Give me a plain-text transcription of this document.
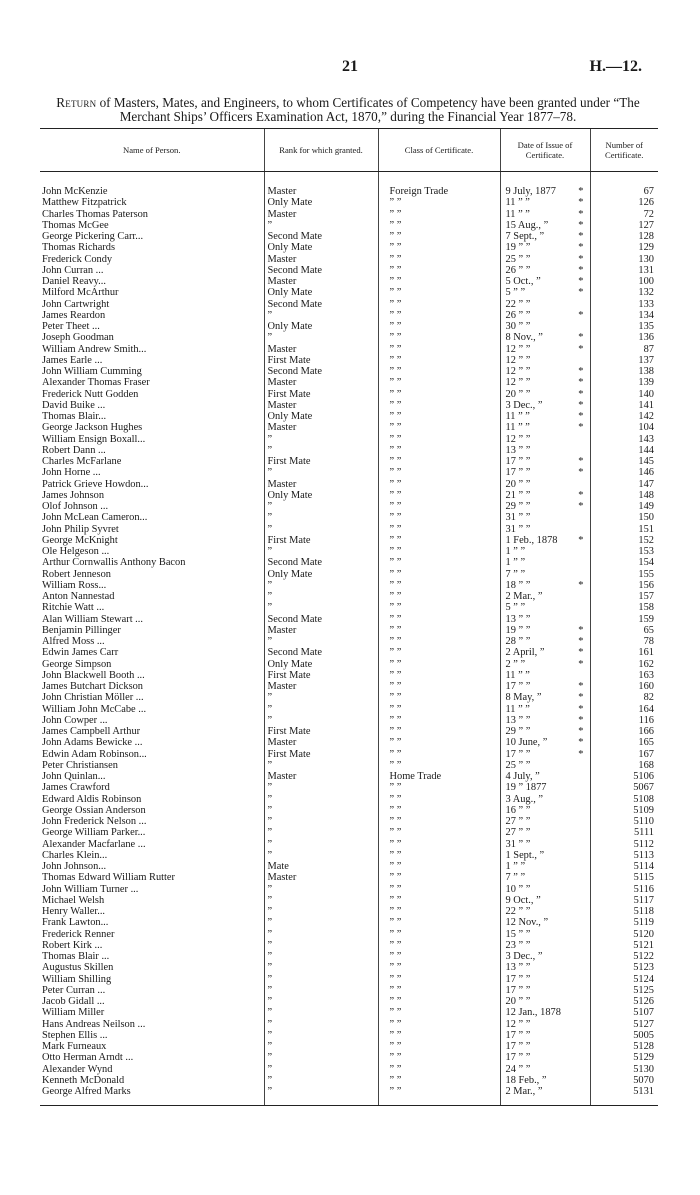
21	H.—12.
Return of Masters, Mates, and Engineers, to whom Certificates of Competency have been granted under “The Merchant Ships’ Officers Examination Act, 1870,” during the Financial Year 1877–78.
Name of Person.	Rank for which granted.	Class of Certificate.	Date of Issue of Certificate.	Number of Certificate.

John McKenzie	Master	Foreign Trade	9 July, 1877 *	67
Matthew Fitzpatrick	Only Mate	” ”	11 ” ” *	126
Charles Thomas Paterson	Master	” ”	11 ” ” *	72
Thomas McGee	”	” ”	15 Aug., ” *	127
George Pickering Carr...	Second Mate	” ”	7 Sept., ” *	128
Thomas Richards	Only Mate	” ”	19 ” ” *	129
Frederick Condy	Master	” ”	25 ” ” *	130
John Curran ...	Second Mate	” ”	26 ” ” *	131
Daniel Reavy...	Master	” ”	5 Oct., ” *	100
Milford McArthur	Only Mate	” ”	5 ” ” *	132
John Cartwright	Second Mate	” ”	22 ” ”	133
James Reardon	”	” ”	26 ” ” *	134
Peter Theet ...	Only Mate	” ”	30 ” ”	135
Joseph Goodman	”	” ”	8 Nov., ” *	136
William Andrew Smith...	Master	” ”	12 ” ” *	87
James Earle ...	First Mate	” ”	12 ” ”	137
John William Cumming	Second Mate	” ”	12 ” ” *	138
Alexander Thomas Fraser	Master	” ”	12 ” ” *	139
Frederick Nutt Godden	First Mate	” ”	20 ” ” *	140
David Buike ...	Master	” ”	3 Dec., ” *	141
Thomas Blair...	Only Mate	” ”	11 ” ” *	142
George Jackson Hughes	Master	” ”	11 ” ” *	104
William Ensign Boxall...	”	” ”	12 ” ”	143
Robert Dann ...	”	” ”	13 ” ”	144
Charles McFarlane	First Mate	” ”	17 ” ” *	145
John Horne ...	”	” ”	17 ” ” *	146
Patrick Grieve Howdon...	Master	” ”	20 ” ”	147
James Johnson	Only Mate	” ”	21 ” ” *	148
Olof Johnson ...	”	” ”	29 ” ” *	149
John McLean Cameron...	”	” ”	31 ” ”	150
John Philip Syvret	”	” ”	31 ” ”	151
George McKnight	First Mate	” ”	1 Feb., 1878 *	152
Ole Helgeson ...	”	” ”	1 ” ”	153
Arthur Cornwallis Anthony Bacon	Second Mate	” ”	1 ” ”	154
Robert Jenneson	Only Mate	” ”	7 ” ”	155
William Ross...	”	” ”	18 ” ” *	156
Anton Nannestad	”	” ”	2 Mar., ”	157
Ritchie Watt ...	”	” ”	5 ” ”	158
Alan William Stewart ...	Second Mate	” ”	13 ” ”	159
Benjamin Pillinger	Master	” ”	19 ” ” *	65
Alfred Moss ...	”	” ”	28 ” ” *	78
Edwin James Carr	Second Mate	” ”	2 April, ” *	161
George Simpson	Only Mate	” ”	2 ” ” *	162
John Blackwell Booth ...	First Mate	” ”	11 ” ”	163
James Butchart Dickson	Master	” ”	17 ” ” *	160
John Christian Möller ...	”	” ”	8 May, ” *	82
William John McCabe ...	”	” ”	11 ” ” *	164
John Cowper ...	”	” ”	13 ” ” *	116
James Campbell Arthur	First Mate	” ”	29 ” ” *	166
John Adams Bewicke ...	Master	” ”	10 June, ” *	165
Edwin Adam Robinson...	First Mate	” ”	17 ” ” *	167
Peter Christiansen	”	” ”	25 ” ”	168
John Quinlan...	Master	Home Trade	4 July, ”	5106
James Crawford	”	” ”	19 ” 1877	5067
Edward Aldis Robinson	”	” ”	3 Aug., ”	5108
George Ossian Anderson	”	” ”	16 ” ”	5109
John Frederick Nelson ...	”	” ”	27 ” ”	5110
George William Parker...	”	” ”	27 ” ”	5111
Alexander Macfarlane ...	”	” ”	31 ” ”	5112
Charles Klein...	”	” ”	1 Sept., ”	5113
John Johnson...	Mate	” ”	1 ” ”	5114
Thomas Edward William Rutter	Master	” ”	7 ” ”	5115
John William Turner ...	”	” ”	10 ” ”	5116
Michael Welsh	”	” ”	9 Oct., ”	5117
Henry Waller...	”	” ”	22 ” ”	5118
Frank Lawton...	”	” ”	12 Nov., ”	5119
Frederick Renner	”	” ”	15 ” ”	5120
Robert Kirk ...	”	” ”	23 ” ”	5121
Thomas Blair ...	”	” ”	3 Dec., ”	5122
Augustus Skillen	”	” ”	13 ” ”	5123
William Shilling	”	” ”	17 ” ”	5124
Peter Curran ...	”	” ”	17 ” ”	5125
Jacob Gidall ...	”	” ”	20 ” ”	5126
William Miller	”	” ”	12 Jan., 1878	5107
Hans Andreas Neilson ...	”	” ”	12 ” ”	5127
Stephen Ellis ...	”	” ”	17 ” ”	5005
Mark Furneaux	”	” ”	17 ” ”	5128
Otto Herman Arndt ...	”	” ”	17 ” ”	5129
Alexander Wynd	”	” ”	24 ” ”	5130
Kenneth McDonald	”	” ”	18 Feb., ”	5070
George Alfred Marks	”	” ”	2 Mar., ”	5131
